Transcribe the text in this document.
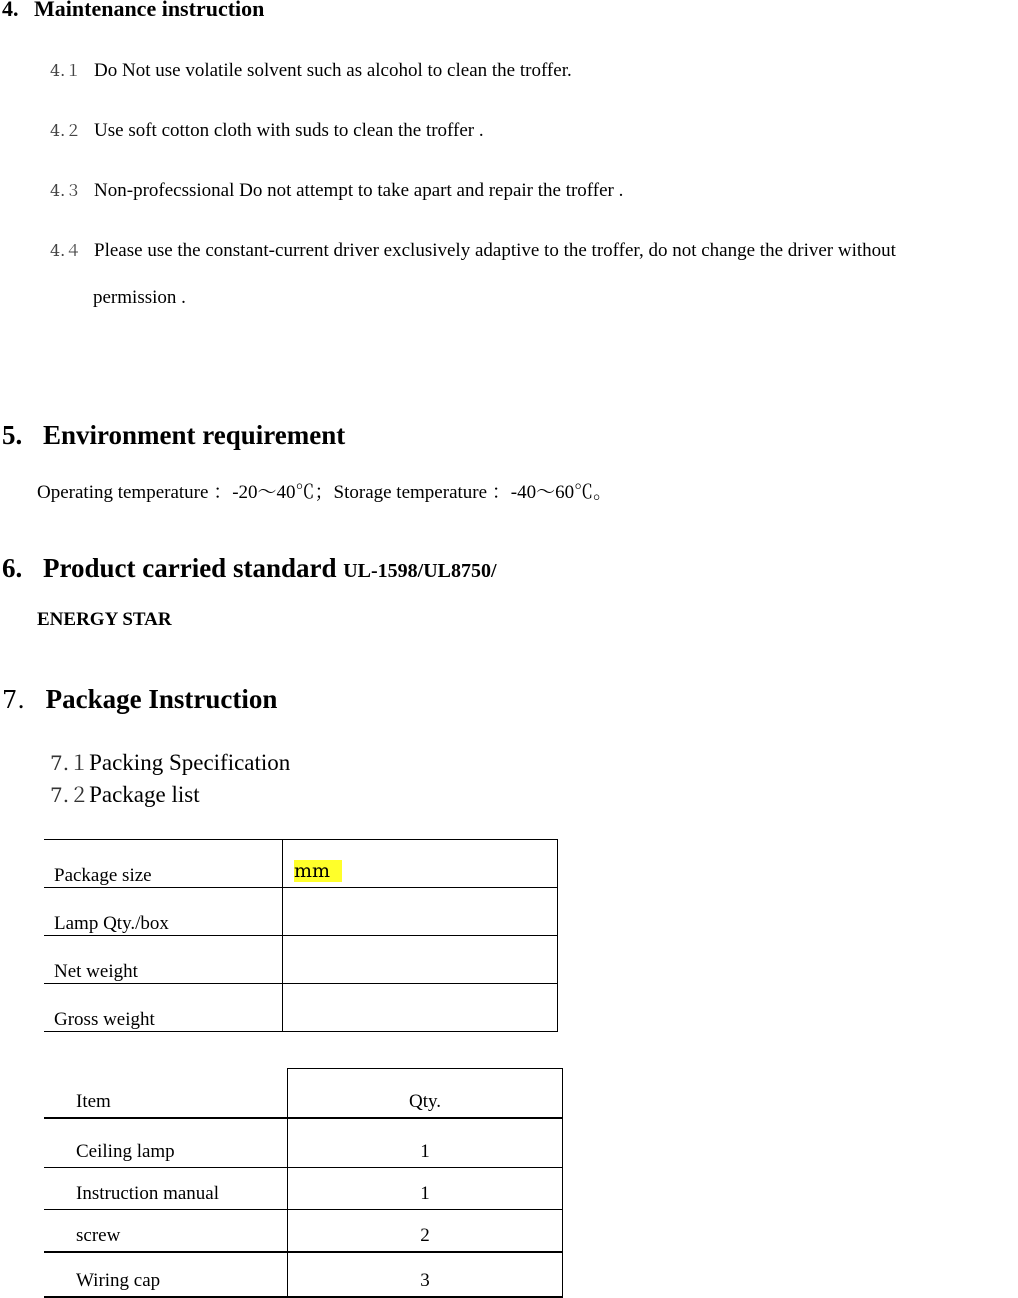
4. Maintenance instruction
4.１ Do Not use volatile solvent such as alcohol to clean the troffer.
4.２ Use soft cotton cloth with suds to clean the troffer .
4.３ Non-profecssional Do not attempt to take apart and repair the troffer .
4.４ Please use the constant-current driver exclusively adaptive to the troffer, do not change the driver without
permission .
5. Environment requirement
Operating temperature ：-20～40℃；Storage temperature ：-40～60℃。
6. Product carried standard UL-1598/UL8750/
ENERGY STAR
7. Package Instruction
7.１Packing Specification
7.２Package list
Package size	mm
Lamp Qty./box	
Net weight	
Gross weight	
Item	Qty.
Ceiling lamp	1
Instruction manual	1
screw	2
Wiring cap	3
